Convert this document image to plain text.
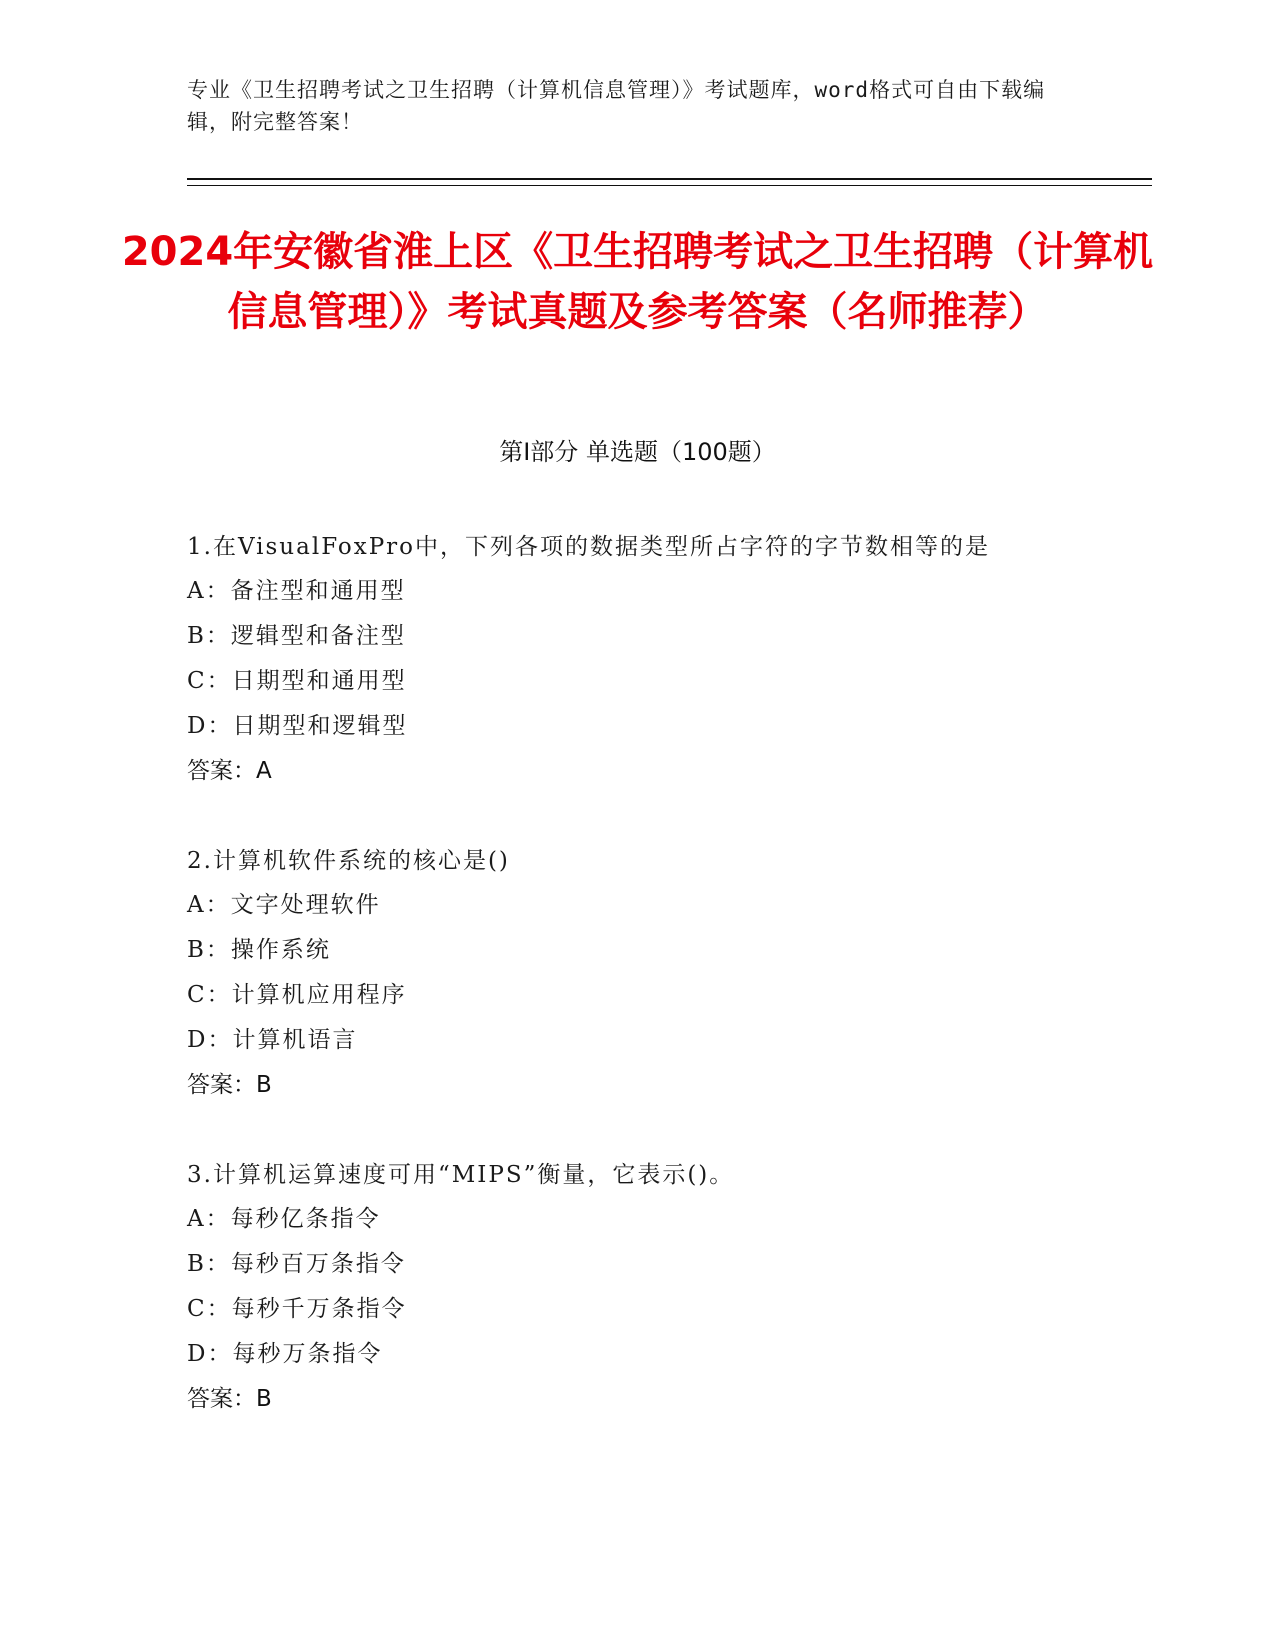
专业《卫生招聘考试之卫生招聘（计算机信息管理）》考试题库，word格式可自由下载编辑，附完整答案！
2024年安徽省淮上区《卫生招聘考试之卫生招聘（计算机信息管理）》考试真题及参考答案（名师推荐）
第Ⅰ部分 单选题（100题）
1.在VisualFoxPro中，下列各项的数据类型所占字符的字节数相等的是
A：备注型和通用型
B：逻辑型和备注型
C：日期型和通用型
D：日期型和逻辑型
答案：A
2.计算机软件系统的核心是()
A：文字处理软件
B：操作系统
C：计算机应用程序
D：计算机语言
答案：B
3.计算机运算速度可用“MIPS”衡量，它表示()。
A：每秒亿条指令
B：每秒百万条指令
C：每秒千万条指令
D：每秒万条指令
答案：B
